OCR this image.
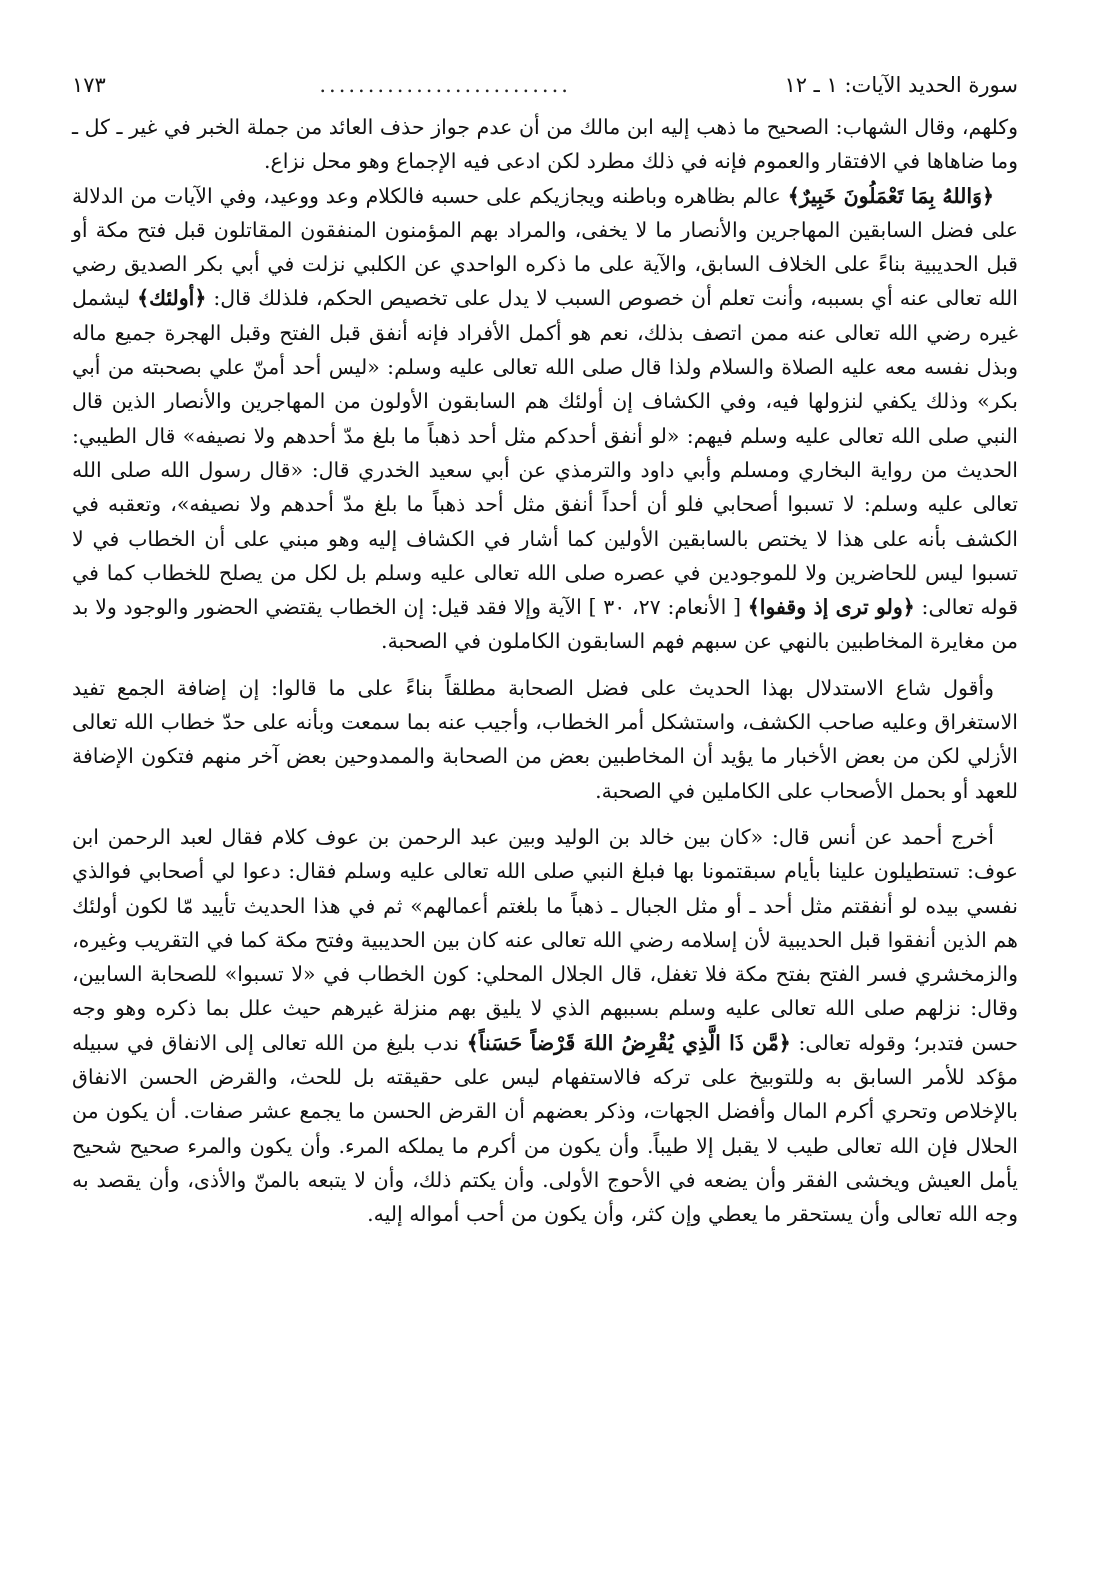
سورة الحديد الآيات: ١ ـ ١٢
..........................
١٧٣

وكلهم، وقال الشهاب: الصحيح ما ذهب إليه ابن مالك من أن عدم جواز حذف العائد من جملة الخبر في غير ـ كل ـ وما ضاهاها في الافتقار والعموم فإنه في ذلك مطرد لكن ادعى فيه الإجماع وهو محل نزاع.

﴿وَاللهُ بِمَا تَعْمَلُونَ خَبِيرٌ﴾ عالم بظاهره وباطنه ويجازيكم على حسبه فالكلام وعد ووعيد، وفي الآيات من الدلالة على فضل السابقين المهاجرين والأنصار ما لا يخفى، والمراد بهم المؤمنون المنفقون المقاتلون قبل فتح مكة أو قبل الحديبية بناءً على الخلاف السابق، والآية على ما ذكره الواحدي عن الكلبي نزلت في أبي بكر الصديق رضي الله تعالى عنه أي بسببه، وأنت تعلم أن خصوص السبب لا يدل على تخصيص الحكم، فلذلك قال: ﴿أولئك﴾ ليشمل غيره رضي الله تعالى عنه ممن اتصف بذلك، نعم هو أكمل الأفراد فإنه أنفق قبل الفتح وقبل الهجرة جميع ماله وبذل نفسه معه عليه الصلاة والسلام ولذا قال صلى الله تعالى عليه وسلم: «ليس أحد أمنّ علي بصحبته من أبي بكر» وذلك يكفي لنزولها فيه، وفي الكشاف إن أولئك هم السابقون الأولون من المهاجرين والأنصار الذين قال النبي صلى الله تعالى عليه وسلم فيهم: «لو أنفق أحدكم مثل أحد ذهباً ما بلغ مدّ أحدهم ولا نصيفه» قال الطيبي: الحديث من رواية البخاري ومسلم وأبي داود والترمذي عن أبي سعيد الخدري قال: «قال رسول الله صلى الله تعالى عليه وسلم: لا تسبوا أصحابي فلو أن أحداً أنفق مثل أحد ذهباً ما بلغ مدّ أحدهم ولا نصيفه»، وتعقبه في الكشف بأنه على هذا لا يختص بالسابقين الأولين كما أشار في الكشاف إليه وهو مبني على أن الخطاب في لا تسبوا ليس للحاضرين ولا للموجودين في عصره صلى الله تعالى عليه وسلم بل لكل من يصلح للخطاب كما في قوله تعالى: ﴿ولو ترى إذ وقفوا﴾ [ الأنعام: ٢٧، ٣٠ ] الآية وإلا فقد قيل: إن الخطاب يقتضي الحضور والوجود ولا بد من مغايرة المخاطبين بالنهي عن سبهم فهم السابقون الكاملون في الصحبة.

وأقول شاع الاستدلال بهذا الحديث على فضل الصحابة مطلقاً بناءً على ما قالوا: إن إضافة الجمع تفيد الاستغراق وعليه صاحب الكشف، واستشكل أمر الخطاب، وأجيب عنه بما سمعت وبأنه على حدّ خطاب الله تعالى الأزلي لكن من بعض الأخبار ما يؤيد أن المخاطبين بعض من الصحابة والممدوحين بعض آخر منهم فتكون الإضافة للعهد أو بحمل الأصحاب على الكاملين في الصحبة.

أخرج أحمد عن أنس قال: «كان بين خالد بن الوليد وبين عبد الرحمن بن عوف كلام فقال لعبد الرحمن ابن عوف: تستطيلون علينا بأيام سبقتمونا بها فبلغ النبي صلى الله تعالى عليه وسلم فقال: دعوا لي أصحابي فوالذي نفسي بيده لو أنفقتم مثل أحد ـ أو مثل الجبال ـ ذهباً ما بلغتم أعمالهم» ثم في هذا الحديث تأييد مّا لكون أولئك هم الذين أنفقوا قبل الحديبية لأن إسلامه رضي الله تعالى عنه كان بين الحديبية وفتح مكة كما في التقريب وغيره، والزمخشري فسر الفتح بفتح مكة فلا تغفل، قال الجلال المحلي: كون الخطاب في «لا تسبوا» للصحابة السابين، وقال: نزلهم صلى الله تعالى عليه وسلم بسببهم الذي لا يليق بهم منزلة غيرهم حيث علل بما ذكره وهو وجه حسن فتدبر؛ وقوله تعالى: ﴿مَّن ذَا الَّذِي يُقْرِضُ اللهَ قَرْضاً حَسَناً﴾ ندب بليغ من الله تعالى إلى الانفاق في سبيله مؤكد للأمر السابق به وللتوبيخ على تركه فالاستفهام ليس على حقيقته بل للحث، والقرض الحسن الانفاق بالإخلاص وتحري أكرم المال وأفضل الجهات، وذكر بعضهم أن القرض الحسن ما يجمع عشر صفات. أن يكون من الحلال فإن الله تعالى طيب لا يقبل إلا طيباً. وأن يكون من أكرم ما يملكه المرء. وأن يكون والمرء صحيح شحيح يأمل العيش ويخشى الفقر وأن يضعه في الأحوج الأولى. وأن يكتم ذلك، وأن لا يتبعه بالمنّ والأذى، وأن يقصد به وجه الله تعالى وأن يستحقر ما يعطي وإن كثر، وأن يكون من أحب أمواله إليه.
